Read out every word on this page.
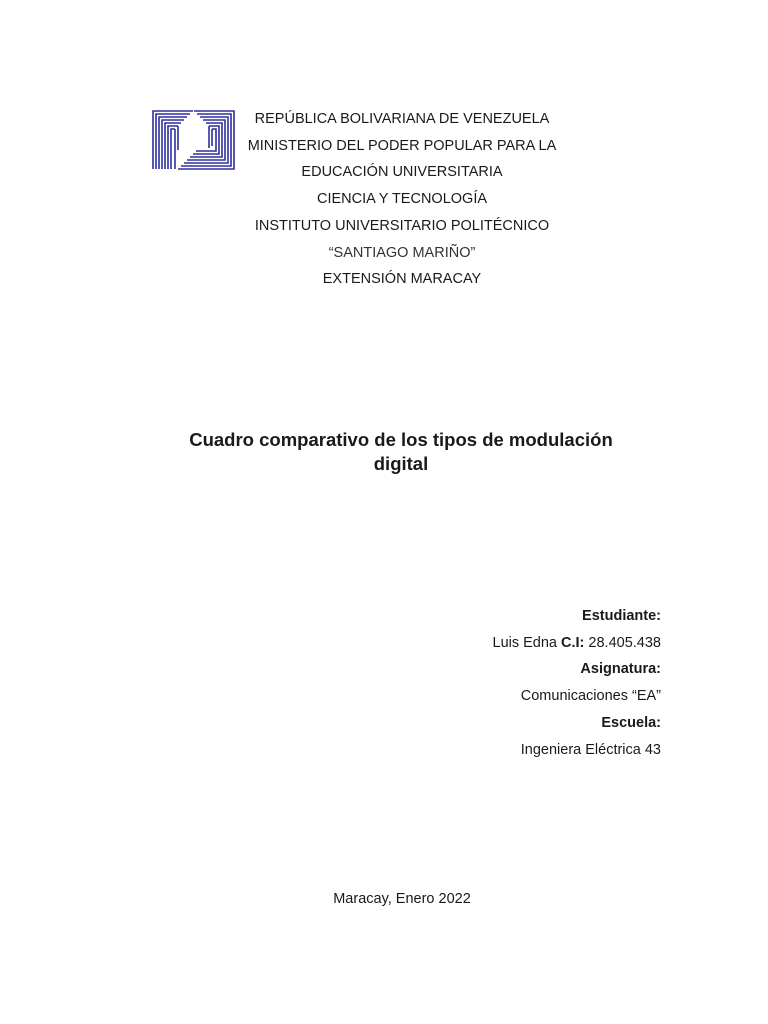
REPÚBLICA BOLIVARIANA DE VENEZUELA
MINISTERIO DEL PODER POPULAR PARA LA
EDUCACIÓN UNIVERSITARIA
CIENCIA Y TECNOLOGÍA
INSTITUTO UNIVERSITARIO POLITÉCNICO
“SANTIAGO MARIÑO”
EXTENSIÓN MARACAY
Cuadro comparativo de los tipos de modulación
digital
Estudiante:
Luis Edna C.I: 28.405.438
Asignatura:
Comunicaciones “EA”
Escuela:
Ingeniera Eléctrica 43
Maracay, Enero 2022
